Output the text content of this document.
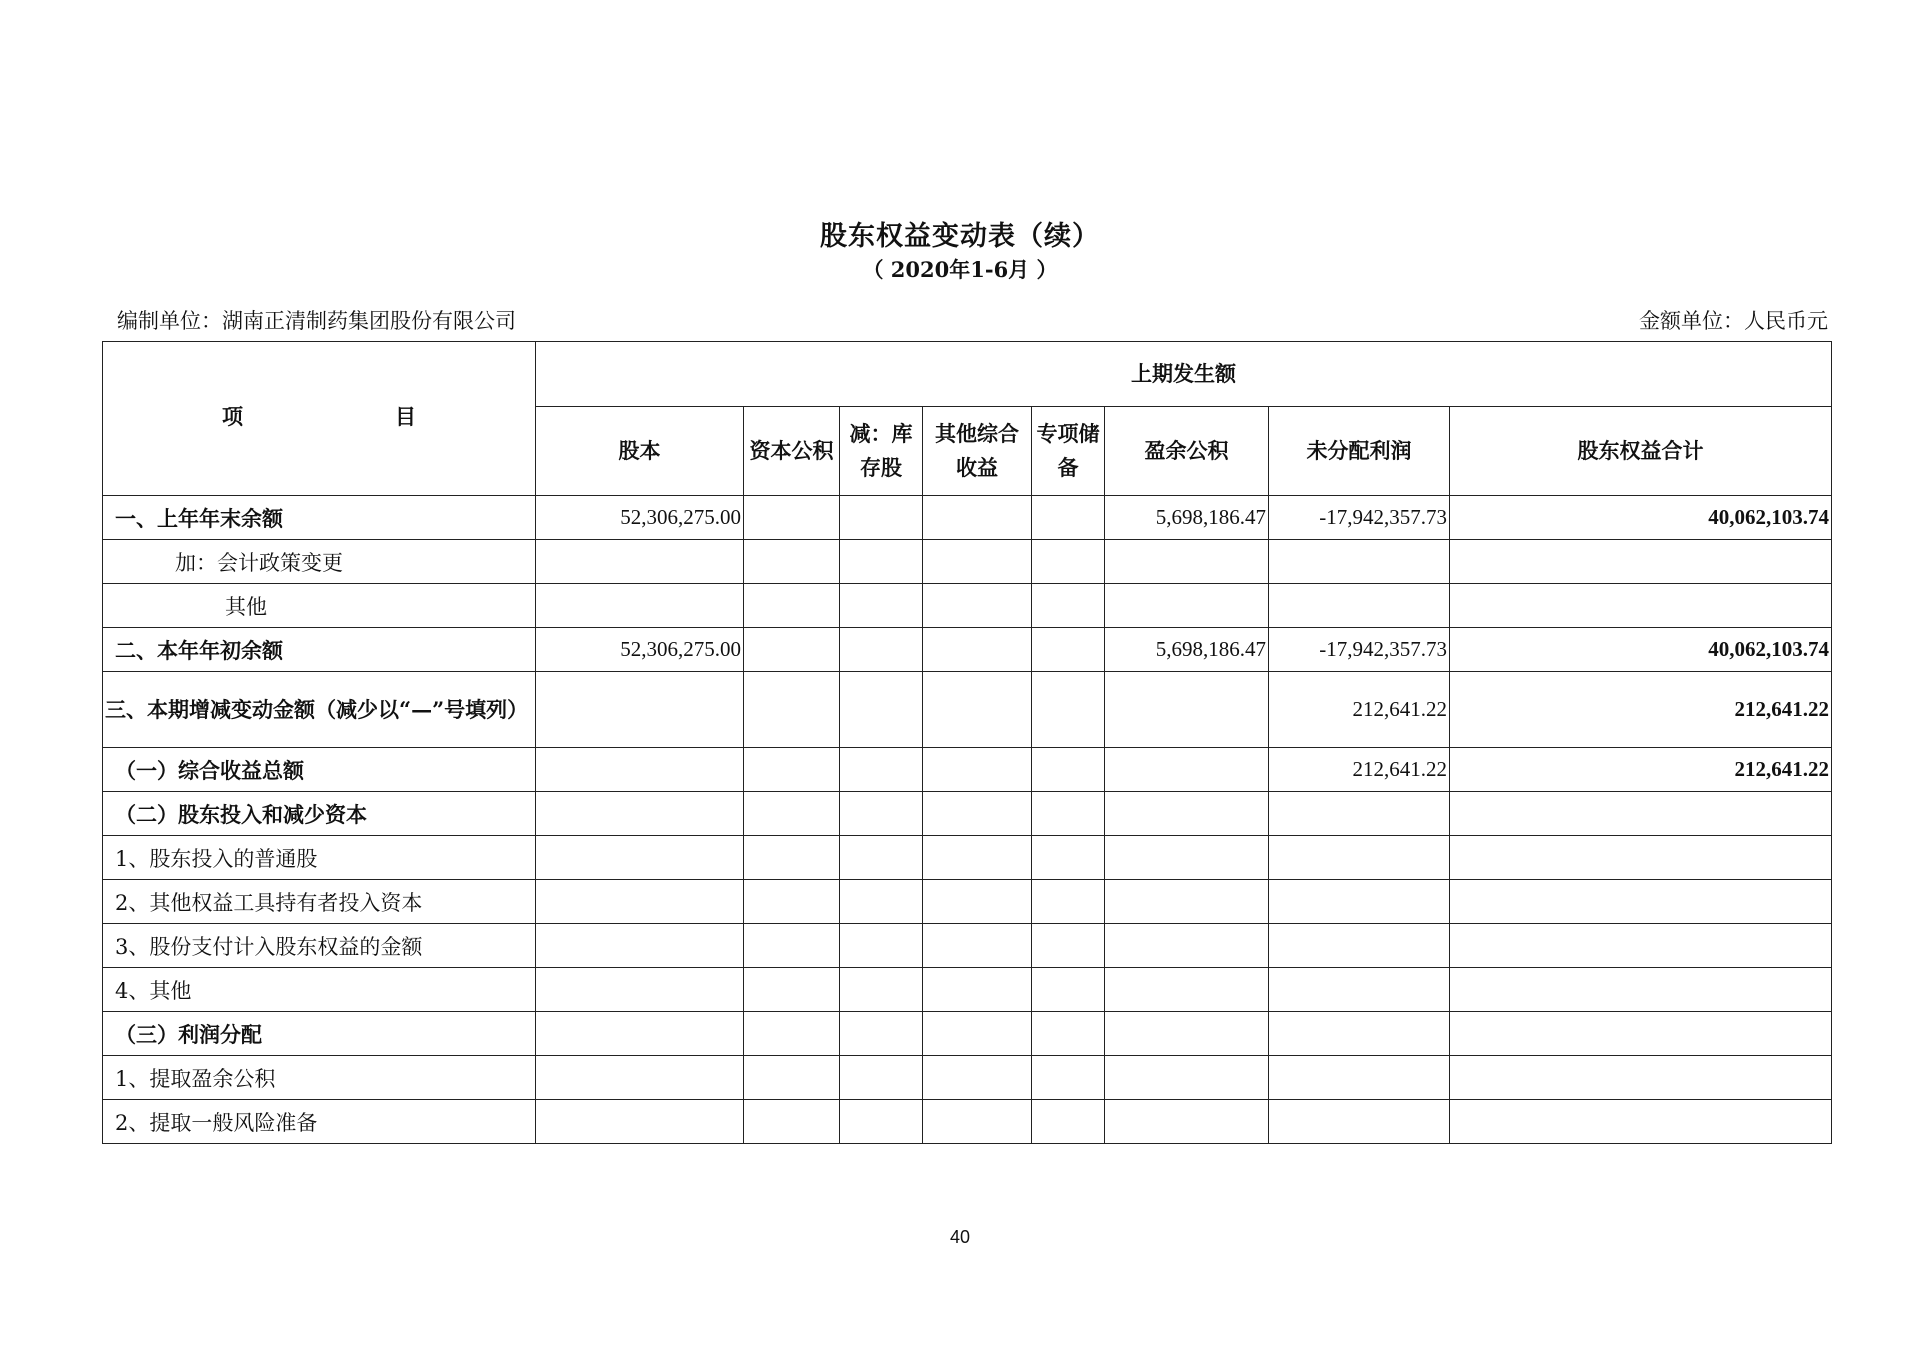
股东权益变动表（续）
（ 2020年1-6月 ）
编制单位：湖南正清制药集团股份有限公司	金额单位：人民币元
项 目	上期发生额							
	股本	资本公积	减：库存股	其他综合收益	专项储备	盈余公积	未分配利润	股东权益合计
一、上年年末余额	52,306,275.00					5,698,186.47	-17,942,357.73	40,062,103.74
加：会计政策变更								
其他								
二、本年年初余额	52,306,275.00					5,698,186.47	-17,942,357.73	40,062,103.74
三、本期增减变动金额（减少以“—”号填列）							212,641.22	212,641.22
（一）综合收益总额							212,641.22	212,641.22
（二）股东投入和减少资本								
1、股东投入的普通股								
2、其他权益工具持有者投入资本								
3、股份支付计入股东权益的金额								
4、其他								
（三）利润分配								
1、提取盈余公积								
2、提取一般风险准备								
40
